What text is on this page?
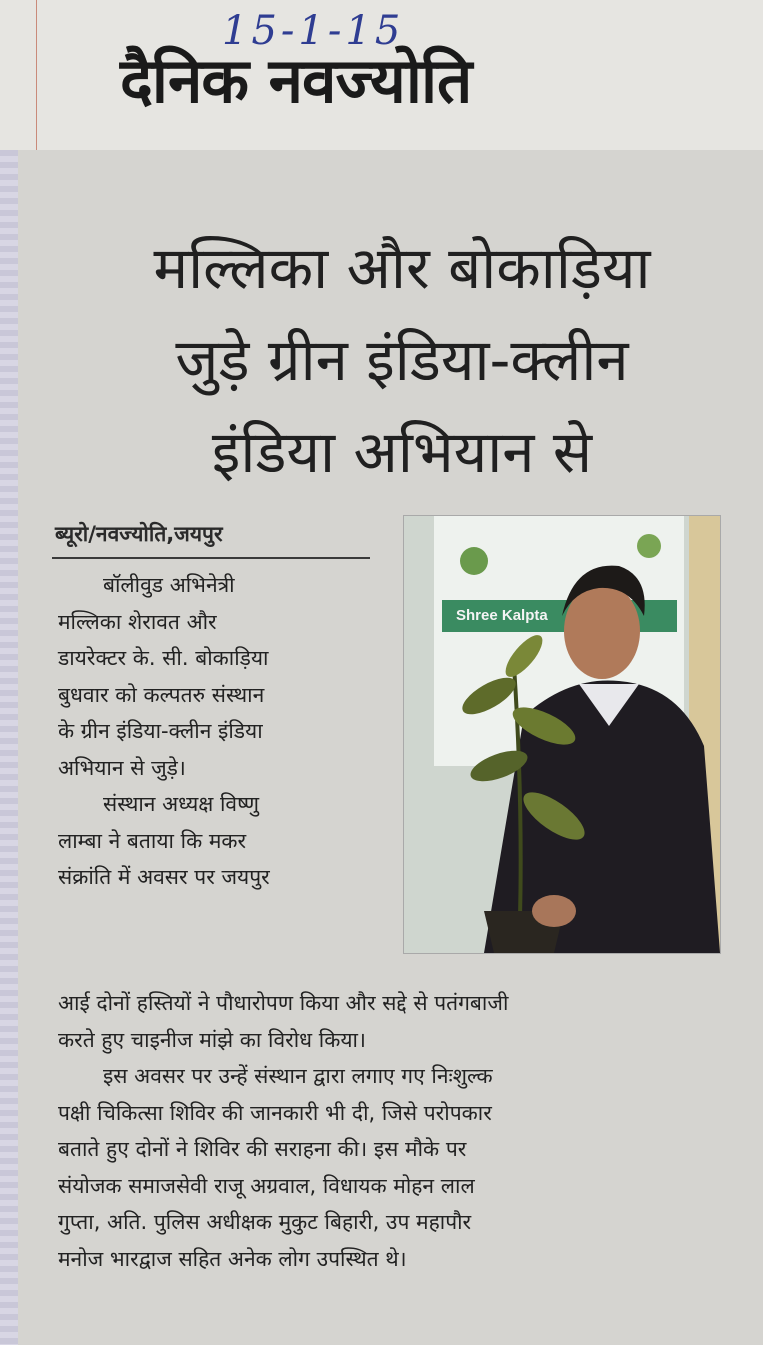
15-1-15
दैनिक नवज्योति
मल्लिका और बोकाड़िया
जुड़े ग्रीन इंडिया-क्लीन
इंडिया अभियान से
ब्यूरो/नवज्योति,जयपुर

बॉलीवुड अभिनेत्री

मल्लिका शेरावत और

डायरेक्टर के. सी. बोकाड़िया

बुधवार को कल्पतरु संस्थान

के ग्रीन इंडिया-क्लीन इंडिया

अभियान से जुड़े।

संस्थान अध्यक्ष विष्णु

लाम्बा ने बताया कि मकर

संक्रांति में अवसर पर जयपुर

Shree Kalpta

आई दोनों हस्तियों ने पौधारोपण किया और सद्दे से पतंगबाजी

करते हुए चाइनीज मांझे का विरोध किया।

इस अवसर पर उन्हें संस्थान द्वारा लगाए गए निःशुल्क

पक्षी चिकित्सा शिविर की जानकारी भी दी, जिसे परोपकार

बताते हुए दोनों ने शिविर की सराहना की। इस मौके पर

संयोजक समाजसेवी राजू अग्रवाल, विधायक मोहन लाल

गुप्ता, अति. पुलिस अधीक्षक मुकुट बिहारी, उप महापौर

मनोज भारद्वाज सहित अनेक लोग उपस्थित थे।
